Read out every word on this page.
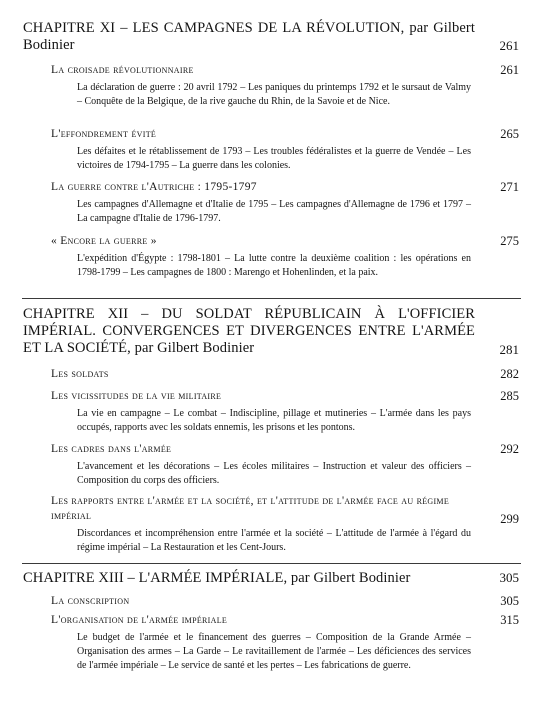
CHAPITRE XI – LES CAMPAGNES DE LA RÉVOLUTION, par Gilbert Bodinier	261
La croisade révolutionnaire	261
La déclaration de guerre : 20 avril 1792 – Les paniques du printemps 1792 et le sursaut de Valmy – Conquête de la Belgique, de la rive gauche du Rhin, de la Savoie et de Nice.
L'effondrement évité	265
Les défaites et le rétablissement de 1793 – Les troubles fédéralistes et la guerre de Vendée – Les victoires de 1794-1795 – La guerre dans les colonies.
La guerre contre l'Autriche : 1795-1797	271
Les campagnes d'Allemagne et d'Italie de 1795 – Les campagnes d'Allemagne de 1796 et 1797 – La campagne d'Italie de 1796-1797.
« Encore la guerre »	275
L'expédition d'Égypte : 1798-1801 – La lutte contre la deuxième coalition : les opérations en 1798-1799 – Les campagnes de 1800 : Marengo et Hohenlinden, et la paix.
CHAPITRE XII – DU SOLDAT RÉPUBLICAIN À L'OFFICIER IMPÉRIAL. CONVERGENCES ET DIVERGENCES ENTRE L'ARMÉE ET LA SOCIÉTÉ, par Gilbert Bodinier	281
Les soldats	282
Les vicissitudes de la vie militaire	285
La vie en campagne – Le combat – Indiscipline, pillage et mutineries – L'armée dans les pays occupés, rapports avec les soldats ennemis, les prisons et les pontons.
Les cadres dans l'armée	292
L'avancement et les décorations – Les écoles militaires – Instruction et valeur des officiers – Composition du corps des officiers.
Les rapports entre l'armée et la société, et l'attitude de l'armée face au régime impérial	299
Discordances et incompréhension entre l'armée et la société – L'attitude de l'armée à l'égard du régime impérial – La Restauration et les Cent-Jours.
CHAPITRE XIII – L'ARMÉE IMPÉRIALE, par Gilbert Bodinier	305
La conscription	305
L'organisation de l'armée impériale	315
Le budget de l'armée et le financement des guerres – Composition de la Grande Armée – Organisation des armes – La Garde – Le ravitaillement de l'armée – Les déficiences des services de l'armée impériale – Le service de santé et les pertes – Les fabrications de guerre.
